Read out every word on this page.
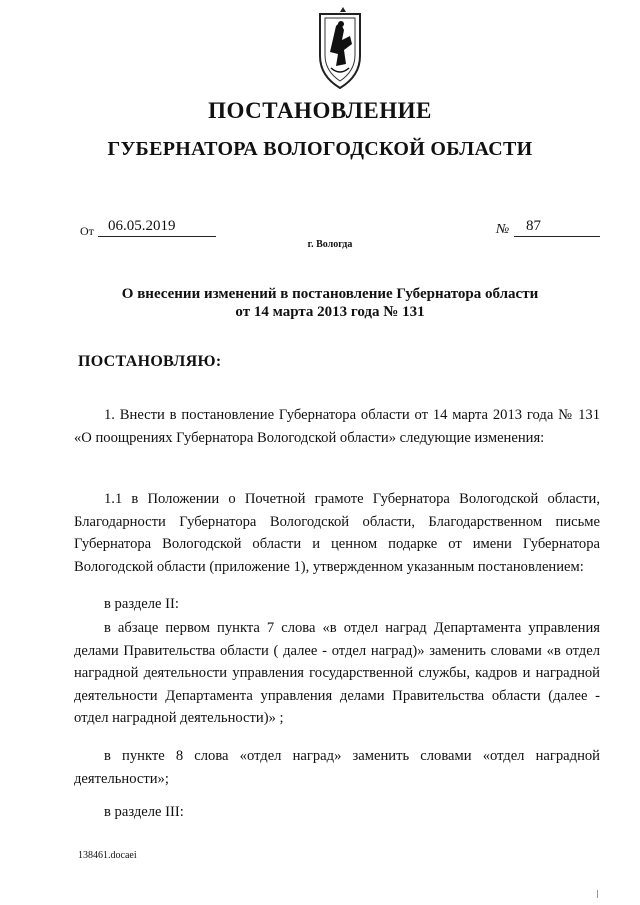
ПОСТАНОВЛЕНИЕ
ГУБЕРНАТОРА ВОЛОГОДСКОЙ ОБЛАСТИ
От 06.05.2019	№	87
г. Вологда
О внесении изменений в постановление Губернатора области
от 14 марта 2013 года № 131
ПОСТАНОВЛЯЮ:
1. Внести в постановление Губернатора области от 14 марта 2013 года № 131 «О поощрениях Губернатора Вологодской области» следующие изменения:
1.1 в Положении о Почетной грамоте Губернатора Вологодской области, Благодарности Губернатора Вологодской области, Благодарственном письме Губернатора Вологодской области и ценном подарке от имени Губернатора Вологодской области (приложение 1), утвержденном указанным постановлением:
в разделе II:
в абзаце первом пункта 7 слова «в отдел наград Департамента управления делами Правительства области ( далее - отдел наград)» заменить словами «в отдел наградной деятельности управления государственной службы, кадров и наградной деятельности Департамента управления делами Правительства области (далее - отдел наградной деятельности)» ;
в пункте 8 слова «отдел наград» заменить словами «отдел наградной деятельности»;
в разделе III:
138461.docaei
